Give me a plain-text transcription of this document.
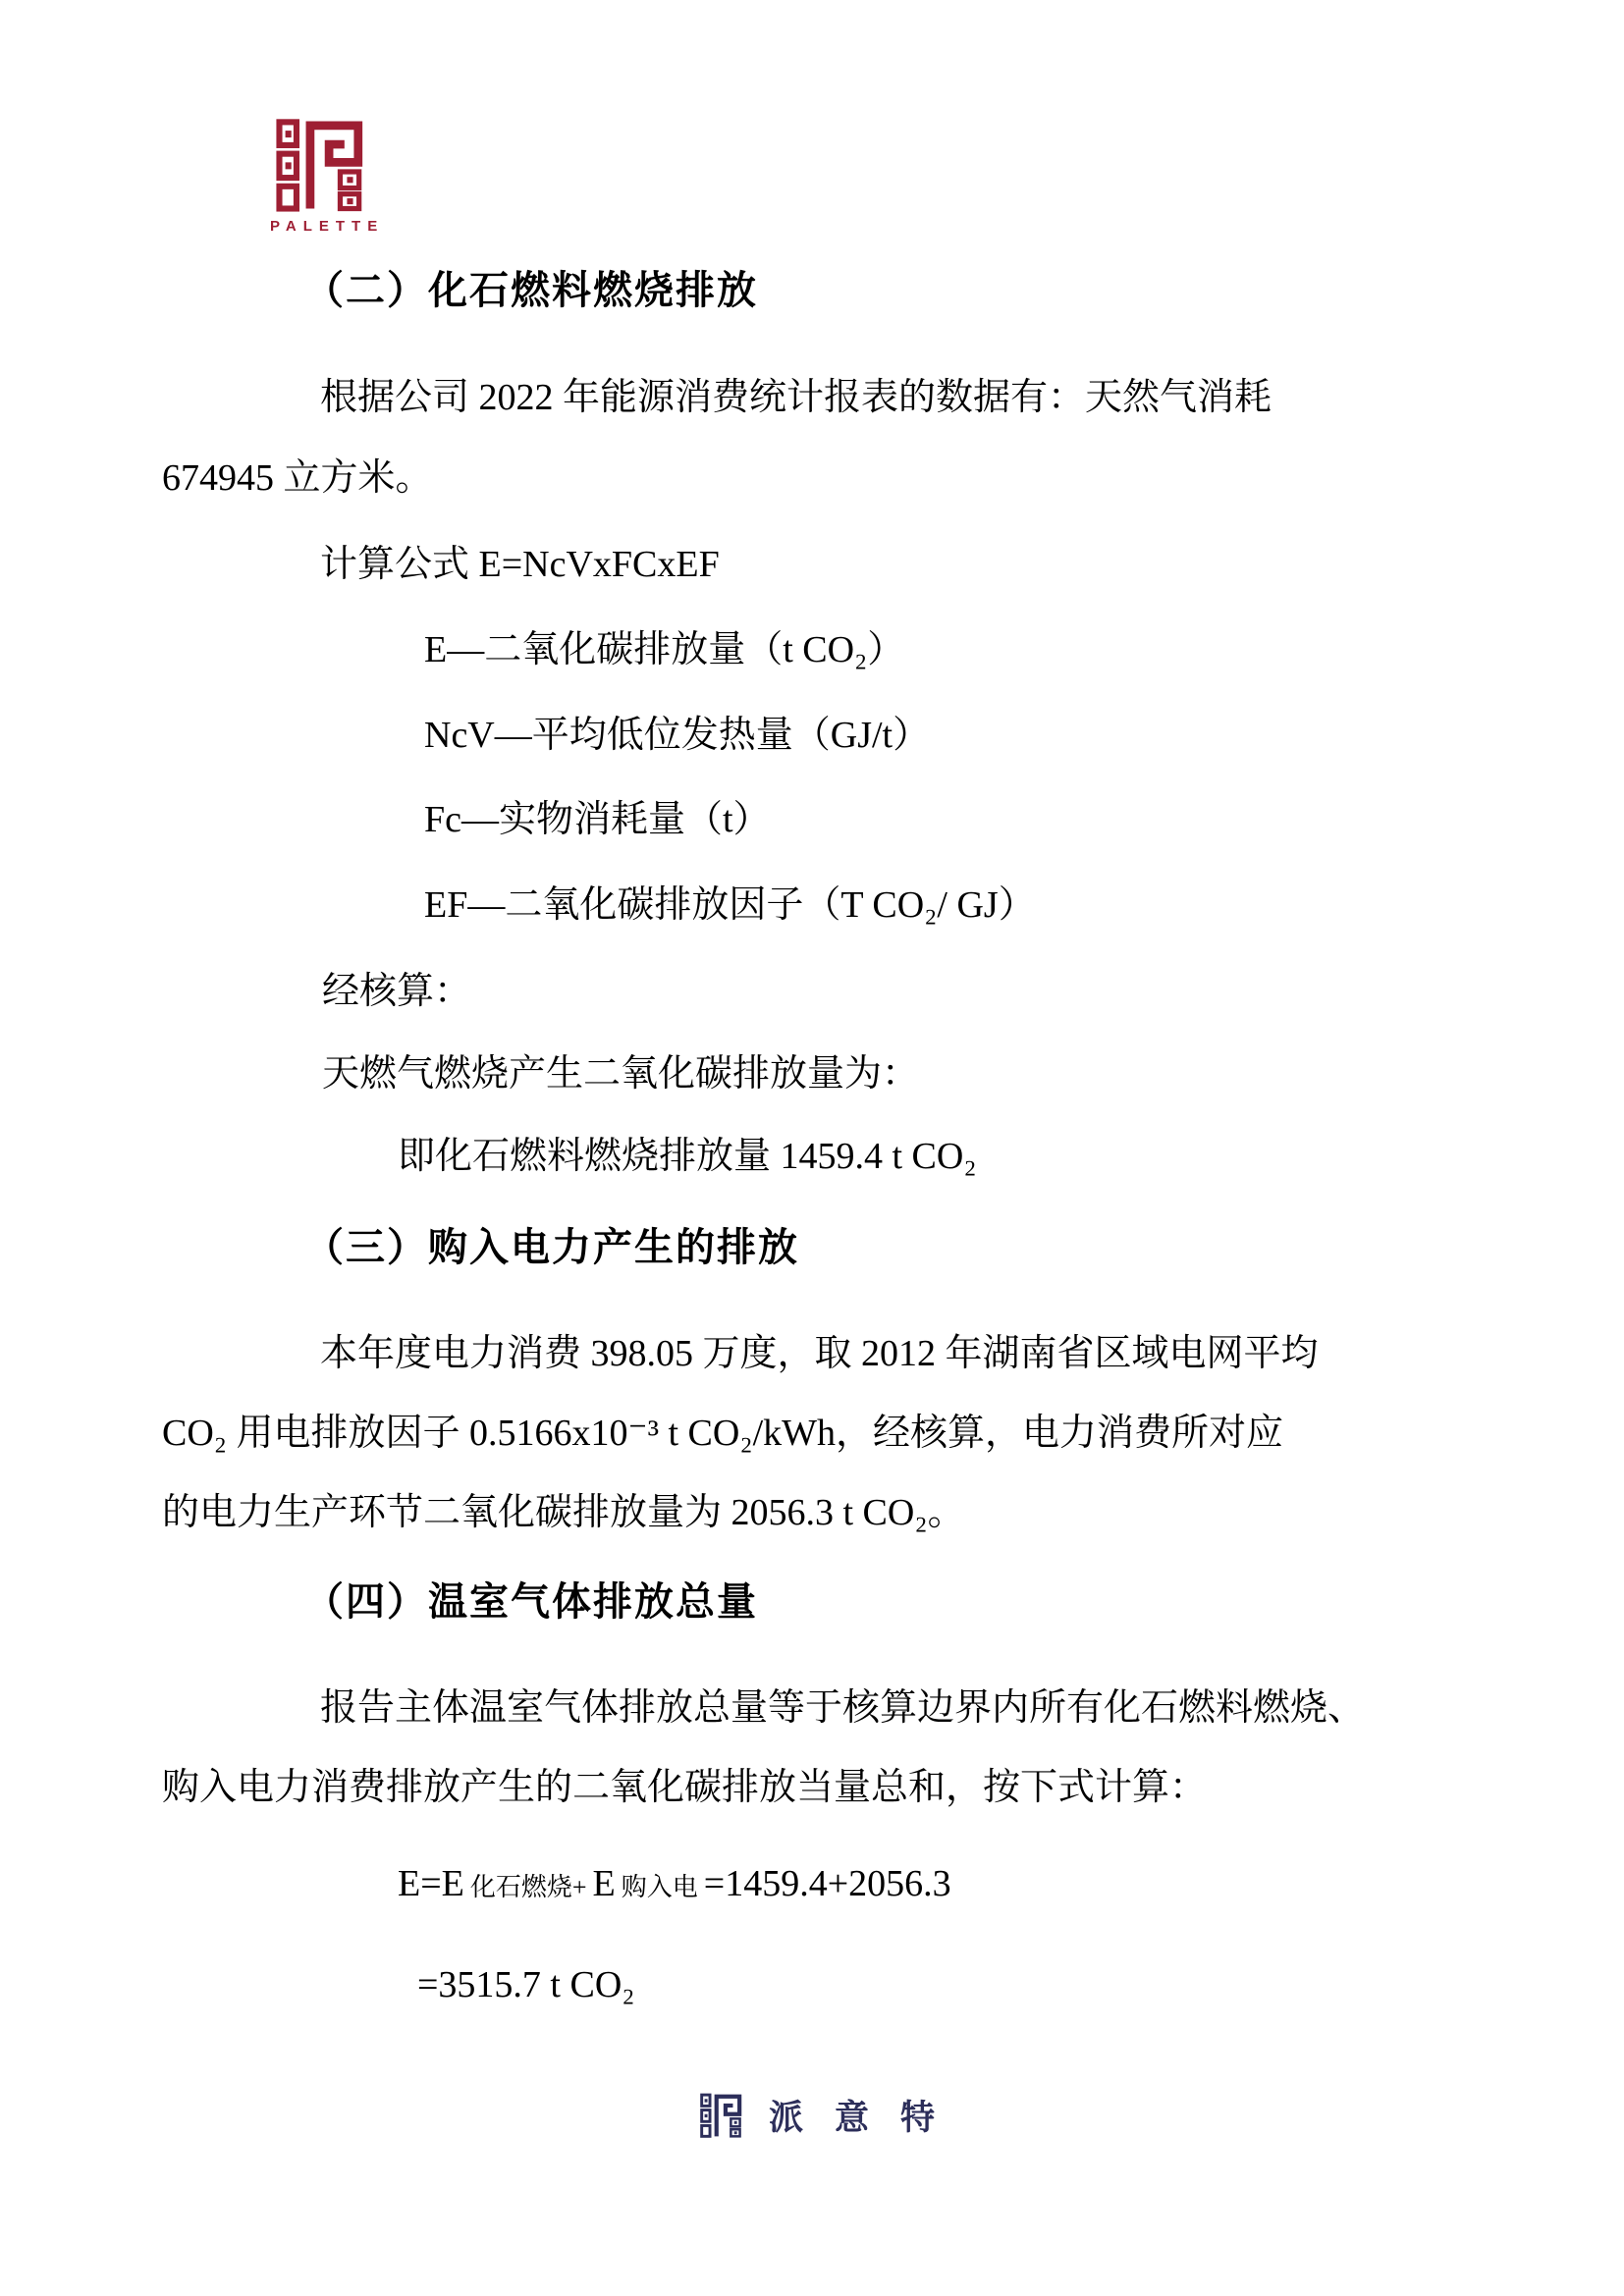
PALETTE
（二）化石燃料燃烧排放
根据公司 2022 年能源消费统计报表的数据有：天然气消耗
674945 立方米。
计算公式 E=NcVxFCxEF
E—二氧化碳排放量（t CO₂）
NcV—平均低位发热量（GJ/t）
Fc—实物消耗量（t）
EF—二氧化碳排放因子（T CO₂/ GJ）
经核算：
天燃气燃烧产生二氧化碳排放量为：
即化石燃料燃烧排放量 1459.4 t CO₂
（三）购入电力产生的排放
本年度电力消费 398.05 万度，取 2012 年湖南省区域电网平均
CO₂ 用电排放因子 0.5166x10⁻³ t CO₂/kWh，经核算，电力消费所对应
的电力生产环节二氧化碳排放量为 2056.3 t CO₂。
（四）温室气体排放总量
报告主体温室气体排放总量等于核算边界内所有化石燃料燃烧、
购入电力消费排放产生的二氧化碳排放当量总和，按下式计算：
E=E 化石燃烧+ E 购入电 =1459.4+2056.3
=3515.7 t CO₂
派意特
